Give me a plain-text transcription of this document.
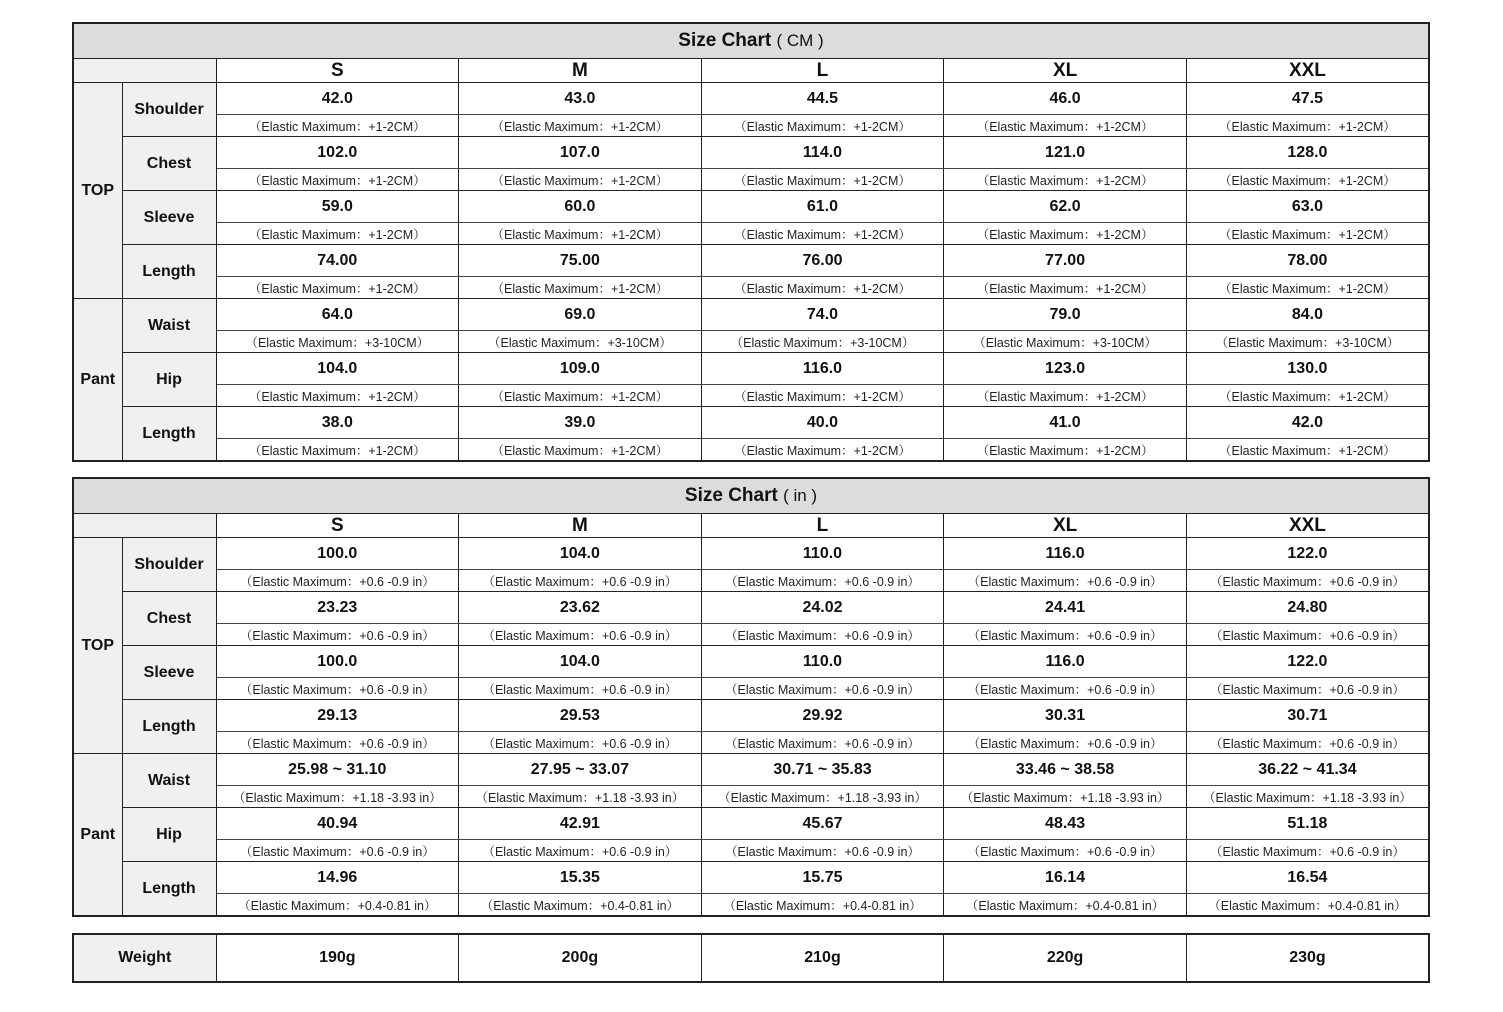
Size Chart ( CM )						
		S	M	L	XL	XXL
TOP	Shoulder	42.0	43.0	44.5	46.0	47.5
		（Elastic Maximum：+1-2CM）	（Elastic Maximum：+1-2CM）	（Elastic Maximum：+1-2CM）	（Elastic Maximum：+1-2CM）	（Elastic Maximum：+1-2CM）
	Chest	102.0	107.0	114.0	121.0	128.0
		（Elastic Maximum：+1-2CM）	（Elastic Maximum：+1-2CM）	（Elastic Maximum：+1-2CM）	（Elastic Maximum：+1-2CM）	（Elastic Maximum：+1-2CM）
	Sleeve	59.0	60.0	61.0	62.0	63.0
		（Elastic Maximum：+1-2CM）	（Elastic Maximum：+1-2CM）	（Elastic Maximum：+1-2CM）	（Elastic Maximum：+1-2CM）	（Elastic Maximum：+1-2CM）
	Length	74.00	75.00	76.00	77.00	78.00
		（Elastic Maximum：+1-2CM）	（Elastic Maximum：+1-2CM）	（Elastic Maximum：+1-2CM）	（Elastic Maximum：+1-2CM）	（Elastic Maximum：+1-2CM）
Pant	Waist	64.0	69.0	74.0	79.0	84.0
		（Elastic Maximum：+3-10CM）	（Elastic Maximum：+3-10CM）	（Elastic Maximum：+3-10CM）	（Elastic Maximum：+3-10CM）	（Elastic Maximum：+3-10CM）
	Hip	104.0	109.0	116.0	123.0	130.0
		（Elastic Maximum：+1-2CM）	（Elastic Maximum：+1-2CM）	（Elastic Maximum：+1-2CM）	（Elastic Maximum：+1-2CM）	（Elastic Maximum：+1-2CM）
	Length	38.0	39.0	40.0	41.0	42.0
		（Elastic Maximum：+1-2CM）	（Elastic Maximum：+1-2CM）	（Elastic Maximum：+1-2CM）	（Elastic Maximum：+1-2CM）	（Elastic Maximum：+1-2CM）
Size Chart ( in )						
		S	M	L	XL	XXL
TOP	Shoulder	100.0	104.0	110.0	116.0	122.0
		（Elastic Maximum：+0.6 -0.9 in）	（Elastic Maximum：+0.6 -0.9 in）	（Elastic Maximum：+0.6 -0.9 in）	（Elastic Maximum：+0.6 -0.9 in）	（Elastic Maximum：+0.6 -0.9 in）
	Chest	23.23	23.62	24.02	24.41	24.80
		（Elastic Maximum：+0.6 -0.9 in）	（Elastic Maximum：+0.6 -0.9 in）	（Elastic Maximum：+0.6 -0.9 in）	（Elastic Maximum：+0.6 -0.9 in）	（Elastic Maximum：+0.6 -0.9 in）
	Sleeve	100.0	104.0	110.0	116.0	122.0
		（Elastic Maximum：+0.6 -0.9 in）	（Elastic Maximum：+0.6 -0.9 in）	（Elastic Maximum：+0.6 -0.9 in）	（Elastic Maximum：+0.6 -0.9 in）	（Elastic Maximum：+0.6 -0.9 in）
	Length	29.13	29.53	29.92	30.31	30.71
		（Elastic Maximum：+0.6 -0.9 in）	（Elastic Maximum：+0.6 -0.9 in）	（Elastic Maximum：+0.6 -0.9 in）	（Elastic Maximum：+0.6 -0.9 in）	（Elastic Maximum：+0.6 -0.9 in）
Pant	Waist	25.98 ~ 31.10	27.95 ~ 33.07	30.71 ~ 35.83	33.46 ~ 38.58	36.22 ~ 41.34
		（Elastic Maximum：+1.18 -3.93 in）	（Elastic Maximum：+1.18 -3.93 in）	（Elastic Maximum：+1.18 -3.93 in）	（Elastic Maximum：+1.18 -3.93 in）	（Elastic Maximum：+1.18 -3.93 in）
	Hip	40.94	42.91	45.67	48.43	51.18
		（Elastic Maximum：+0.6 -0.9 in）	（Elastic Maximum：+0.6 -0.9 in）	（Elastic Maximum：+0.6 -0.9 in）	（Elastic Maximum：+0.6 -0.9 in）	（Elastic Maximum：+0.6 -0.9 in）
	Length	14.96	15.35	15.75	16.14	16.54
		（Elastic Maximum：+0.4-0.81 in）	（Elastic Maximum：+0.4-0.81 in）	（Elastic Maximum：+0.4-0.81 in）	（Elastic Maximum：+0.4-0.81 in）	（Elastic Maximum：+0.4-0.81 in）
Weight	190g	200g	210g	220g	230g
